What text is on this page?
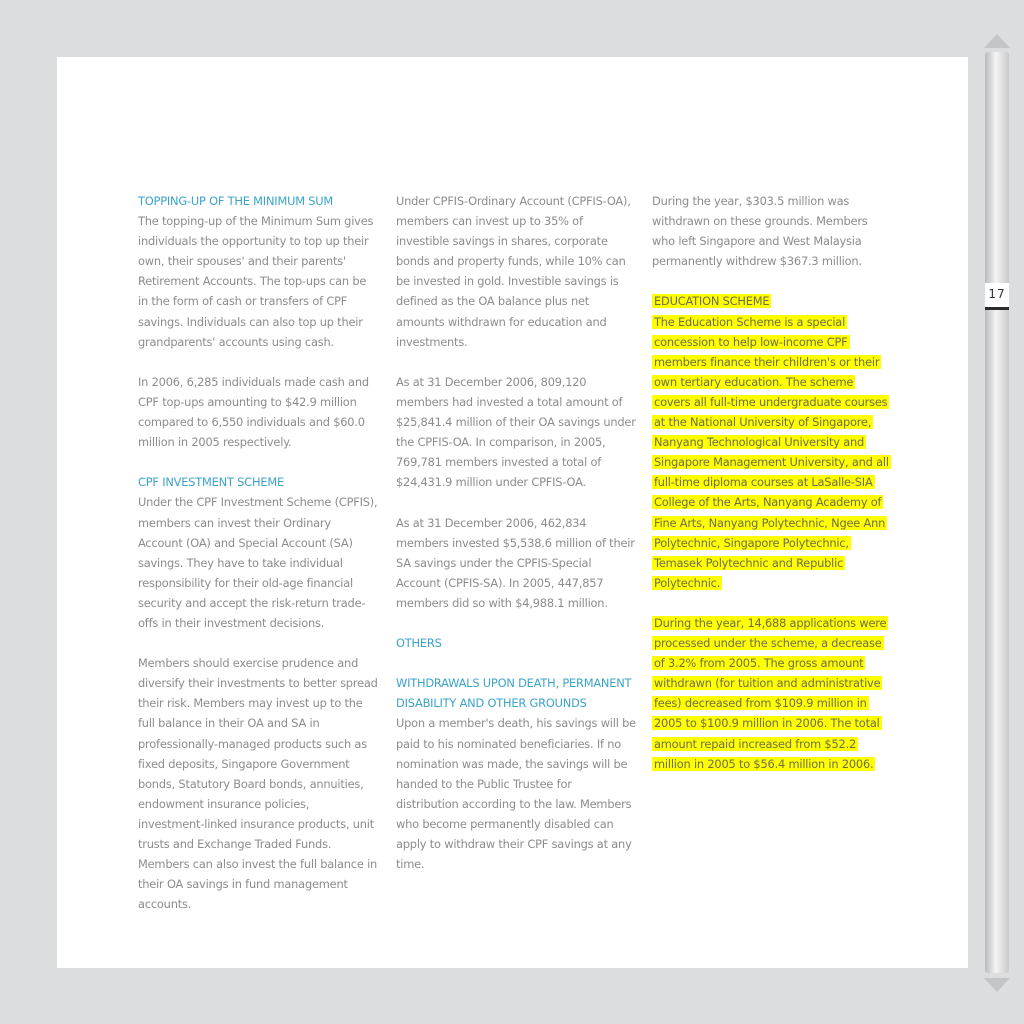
TOPPING-UP OF THE MINIMUM SUM
The topping-up of the Minimum Sum gives individuals the opportunity to top up their own, their spouses' and their parents' Retirement Accounts. The top-ups can be in the form of cash or transfers of CPF savings. Individuals can also top up their grandparents' accounts using cash.
In 2006, 6,285 individuals made cash and CPF top-ups amounting to $42.9 million compared to 6,550 individuals and $60.0 million in 2005 respectively.
CPF INVESTMENT SCHEME
Under the CPF Investment Scheme (CPFIS), members can invest their Ordinary Account (OA) and Special Account (SA) savings. They have to take individual responsibility for their old-age financial security and accept the risk-return trade-offs in their investment decisions.
Members should exercise prudence and diversify their investments to better spread their risk. Members may invest up to the full balance in their OA and SA in professionally-managed products such as fixed deposits, Singapore Government bonds, Statutory Board bonds, annuities, endowment insurance policies, investment-linked insurance products, unit trusts and Exchange Traded Funds. Members can also invest the full balance in their OA savings in fund management accounts.
Under CPFIS-Ordinary Account (CPFIS-OA), members can invest up to 35% of investible savings in shares, corporate bonds and property funds, while 10% can be invested in gold. Investible savings is defined as the OA balance plus net amounts withdrawn for education and investments.
As at 31 December 2006, 809,120 members had invested a total amount of $25,841.4 million of their OA savings under the CPFIS-OA. In comparison, in 2005, 769,781 members invested a total of $24,431.9 million under CPFIS-OA.
As at 31 December 2006, 462,834 members invested $5,538.6 million of their SA savings under the CPFIS-Special Account (CPFIS-SA). In 2005, 447,857 members did so with $4,988.1 million.
OTHERS
WITHDRAWALS UPON DEATH, PERMANENT DISABILITY AND OTHER GROUNDS
Upon a member's death, his savings will be paid to his nominated beneficiaries. If no nomination was made, the savings will be handed to the Public Trustee for distribution according to the law. Members who become permanently disabled can apply to withdraw their CPF savings at any time.
During the year, $303.5 million was withdrawn on these grounds. Members who left Singapore and West Malaysia permanently withdrew $367.3 million.
EDUCATION SCHEME
The Education Scheme is a special concession to help low-income CPF members finance their children's or their own tertiary education. The scheme covers all full-time undergraduate courses at the National University of Singapore, Nanyang Technological University and Singapore Management University, and all full-time diploma courses at LaSalle-SIA College of the Arts, Nanyang Academy of Fine Arts, Nanyang Polytechnic, Ngee Ann Polytechnic, Singapore Polytechnic, Temasek Polytechnic and Republic Polytechnic.
During the year, 14,688 applications were processed under the scheme, a decrease of 3.2% from 2005. The gross amount withdrawn (for tuition and administrative fees) decreased from $109.9 million in 2005 to $100.9 million in 2006. The total amount repaid increased from $52.2 million in 2005 to $56.4 million in 2006.
17
